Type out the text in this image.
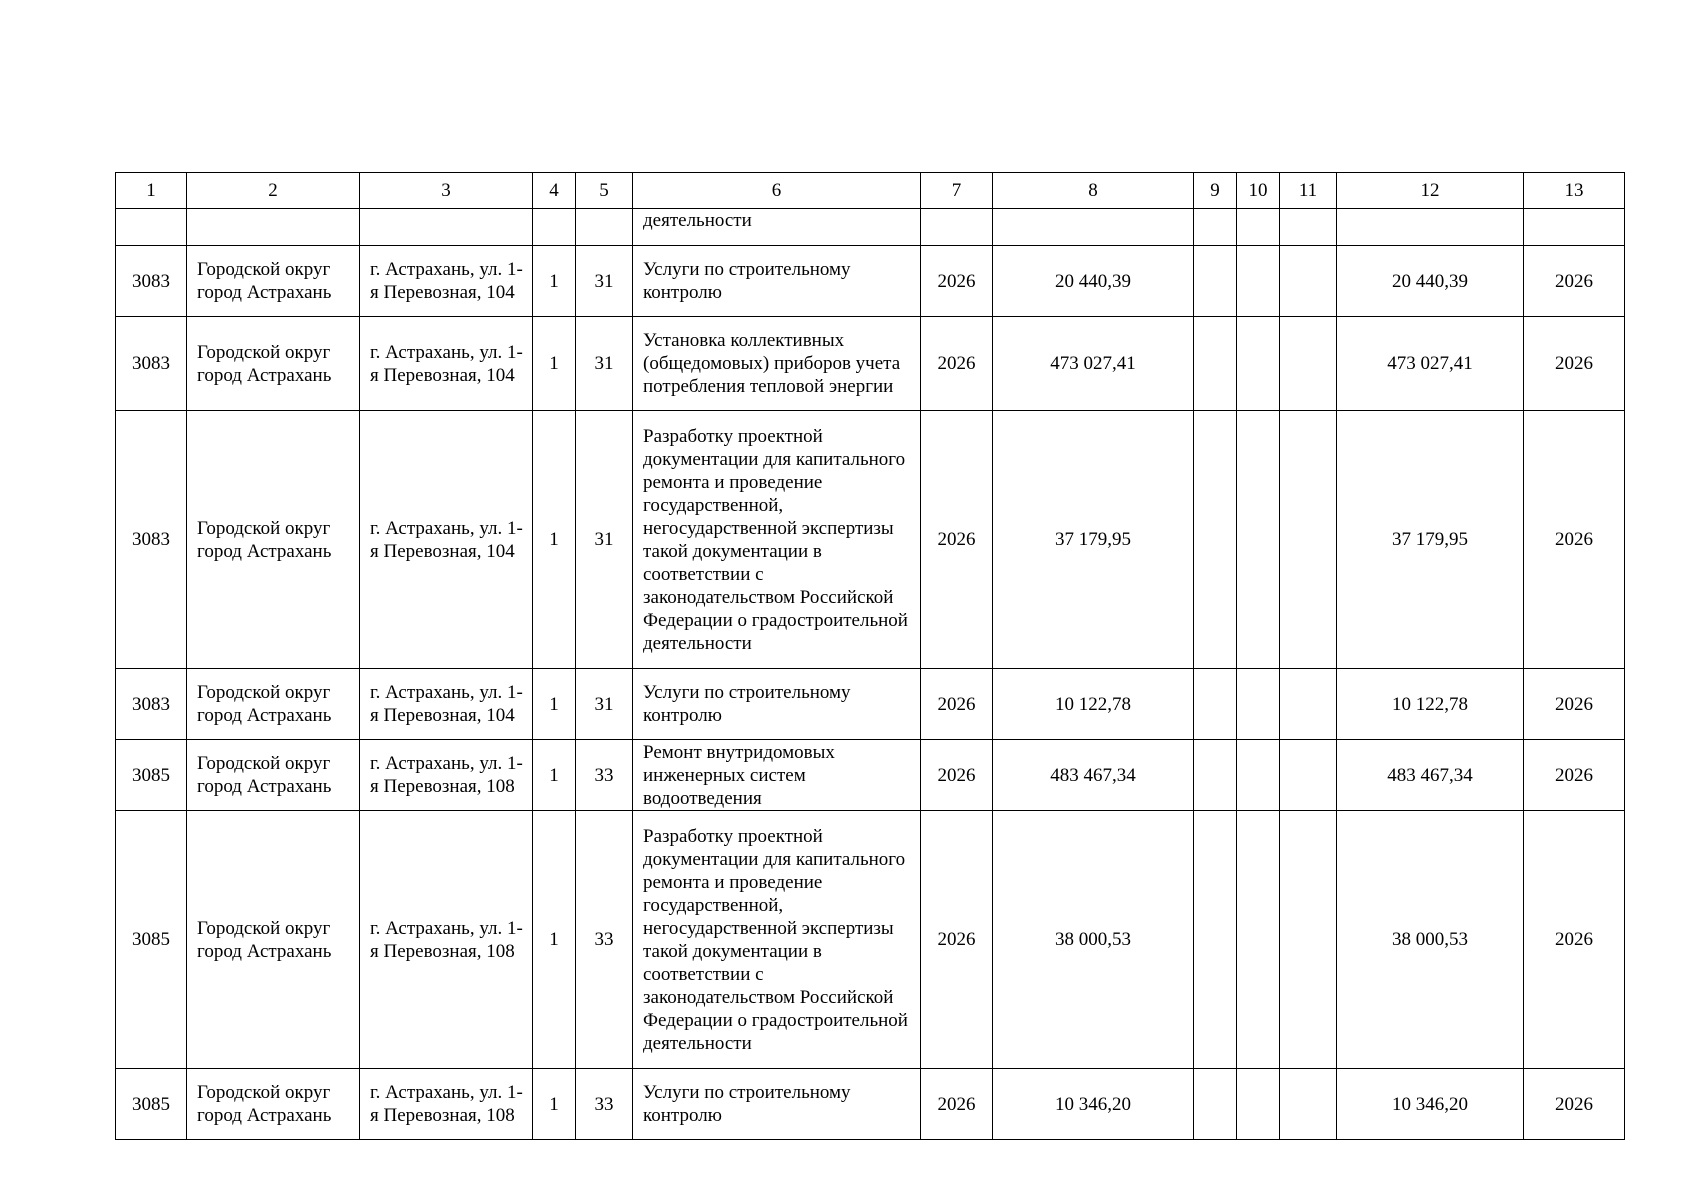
1	2	3	4	5	6	7	8	9	10	11	12	13
					деятельности							
3083	Городской округ город Астрахань	г. Астрахань, ул. 1-я Перевозная, 104	1	31	Услуги по строительному контролю	2026	20 440,39				20 440,39	2026
3083	Городской округ город Астрахань	г. Астрахань, ул. 1-я Перевозная, 104	1	31	Установка коллективных (общедомовых) приборов учета потребления тепловой энергии	2026	473 027,41				473 027,41	2026
3083	Городской округ город Астрахань	г. Астрахань, ул. 1-я Перевозная, 104	1	31	Разработку проектной документации для капитального ремонта и проведение государственной, негосударственной экспертизы такой документации в соответствии с законодательством Российской Федерации о градостроительной деятельности	2026	37 179,95				37 179,95	2026
3083	Городской округ город Астрахань	г. Астрахань, ул. 1-я Перевозная, 104	1	31	Услуги по строительному контролю	2026	10 122,78				10 122,78	2026
3085	Городской округ город Астрахань	г. Астрахань, ул. 1-я Перевозная, 108	1	33	Ремонт внутридомовых инженерных систем водоотведения	2026	483 467,34				483 467,34	2026
3085	Городской округ город Астрахань	г. Астрахань, ул. 1-я Перевозная, 108	1	33	Разработку проектной документации для капитального ремонта и проведение государственной, негосударственной экспертизы такой документации в соответствии с законодательством Российской Федерации о градостроительной деятельности	2026	38 000,53				38 000,53	2026
3085	Городской округ город Астрахань	г. Астрахань, ул. 1-я Перевозная, 108	1	33	Услуги по строительному контролю	2026	10 346,20				10 346,20	2026
